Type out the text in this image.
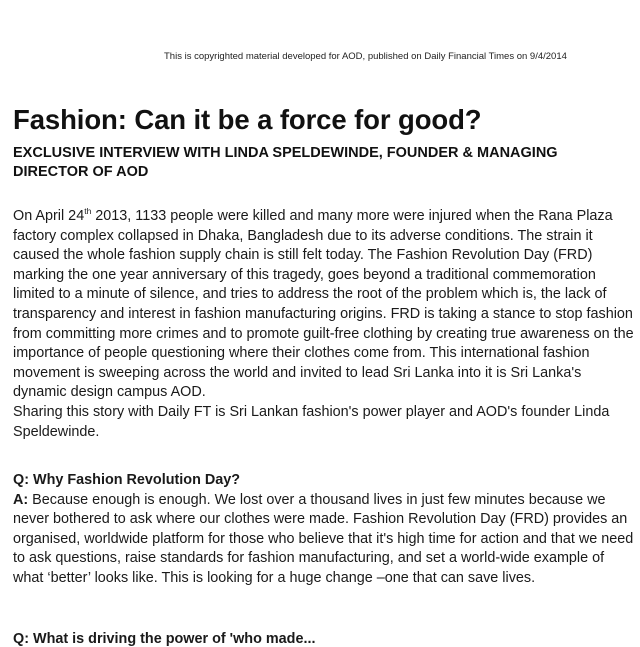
This is copyrighted material developed for AOD, published on Daily Financial Times on 9/4/2014
Fashion: Can it be a force for good?
EXCLUSIVE INTERVIEW WITH LINDA SPELDEWINDE, FOUNDER & MANAGING DIRECTOR OF AOD

On April 24th 2013, 1133 people were killed and many more were injured when the Rana Plaza factory complex collapsed in Dhaka, Bangladesh due to its adverse conditions. The strain it caused the whole fashion supply chain is still felt today. The Fashion Revolution Day (FRD) marking the one year anniversary of this tragedy, goes beyond a traditional commemoration limited to a minute of silence, and tries to address the root of the problem which is, the lack of transparency and interest in fashion manufacturing origins. FRD is taking a stance to stop fashion from committing more crimes and to promote guilt-free clothing by creating true awareness on the importance of people questioning where their clothes come from. This international fashion movement is sweeping across the world and invited to lead Sri Lanka into it is Sri Lanka's dynamic design campus AOD.
Sharing this story with Daily FT is Sri Lankan fashion's power player and AOD's founder Linda Speldewinde.

Q: Why Fashion Revolution Day?
A: Because enough is enough. We lost over a thousand lives in just few minutes because we never bothered to ask where our clothes were made. Fashion Revolution Day (FRD) provides an organised, worldwide platform for those who believe that it's high time for action and that we need to ask questions, raise standards for fashion manufacturing, and set a world-wide example of what ‘better’ looks like. This is looking for a huge change –one that can save lives.

Q: What is driving the power of 'who made...
